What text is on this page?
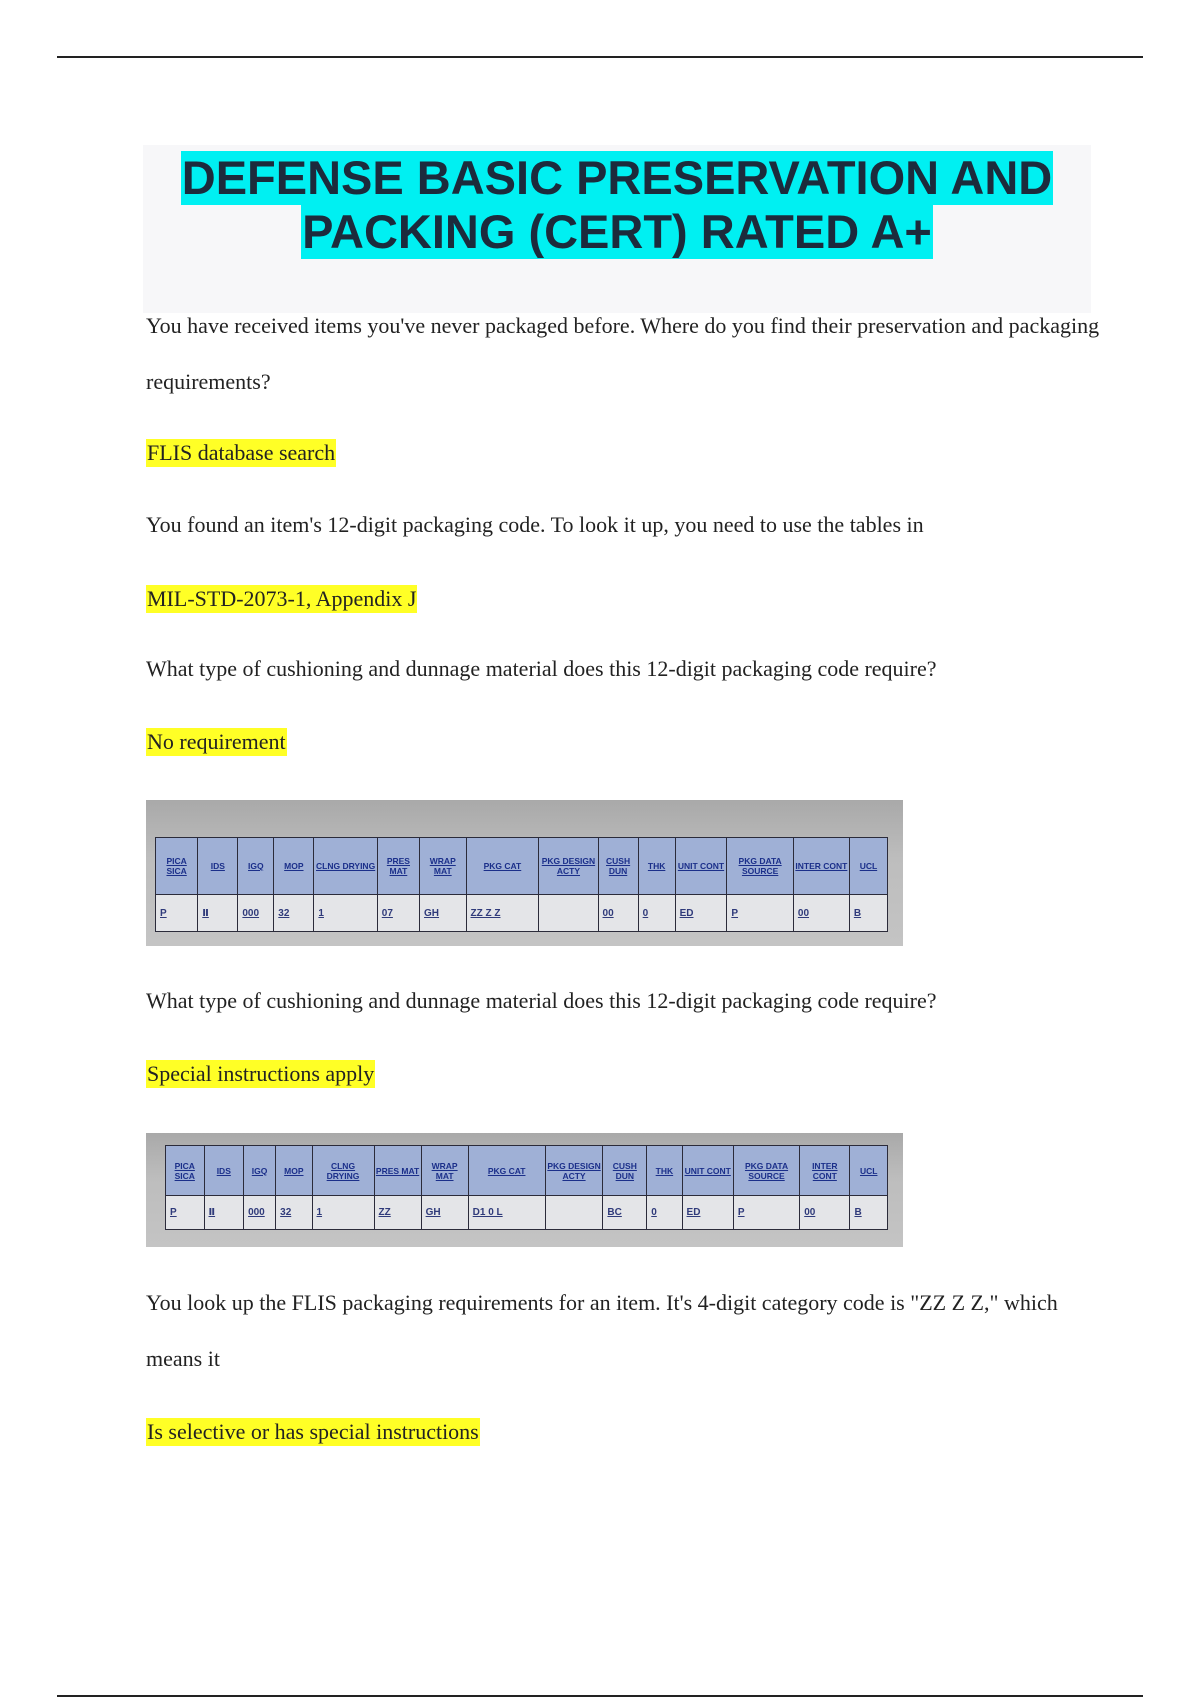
DEFENSE BASIC PRESERVATION AND
PACKING (CERT) RATED A+
You have received items you've never packaged before. Where do you find their preservation and packaging requirements?
FLIS database search
You found an item's 12-digit packaging code. To look it up, you need to use the tables in
MIL-STD-2073-1, Appendix J
What type of cushioning and dunnage material does this 12-digit packaging code require?
No requirement
PICA SICA	IDS	IGQ	MOP	CLNG DRYING	PRES MAT	WRAP MAT	PKG CAT	PKG DESIGN ACTY	CUSH DUN	THK	UNIT CONT	PKG DATA SOURCE	INTER CONT	UCL
P	Ⅱ	000	32	1	07	GH	ZZ Z Z		00	0	ED	P	00	B
What type of cushioning and dunnage material does this 12-digit packaging code require?
Special instructions apply
PICA SICA	IDS	IGQ	MOP	CLNG DRYING	PRES MAT	WRAP MAT	PKG CAT	PKG DESIGN ACTY	CUSH DUN	THK	UNIT CONT	PKG DATA SOURCE	INTER CONT	UCL
P	Ⅱ	000	32	1	ZZ	GH	D1 0 L		BC	0	ED	P	00	B
You look up the FLIS packaging requirements for an item. It's 4-digit category code is "ZZ Z Z," which means it
Is selective or has special instructions
